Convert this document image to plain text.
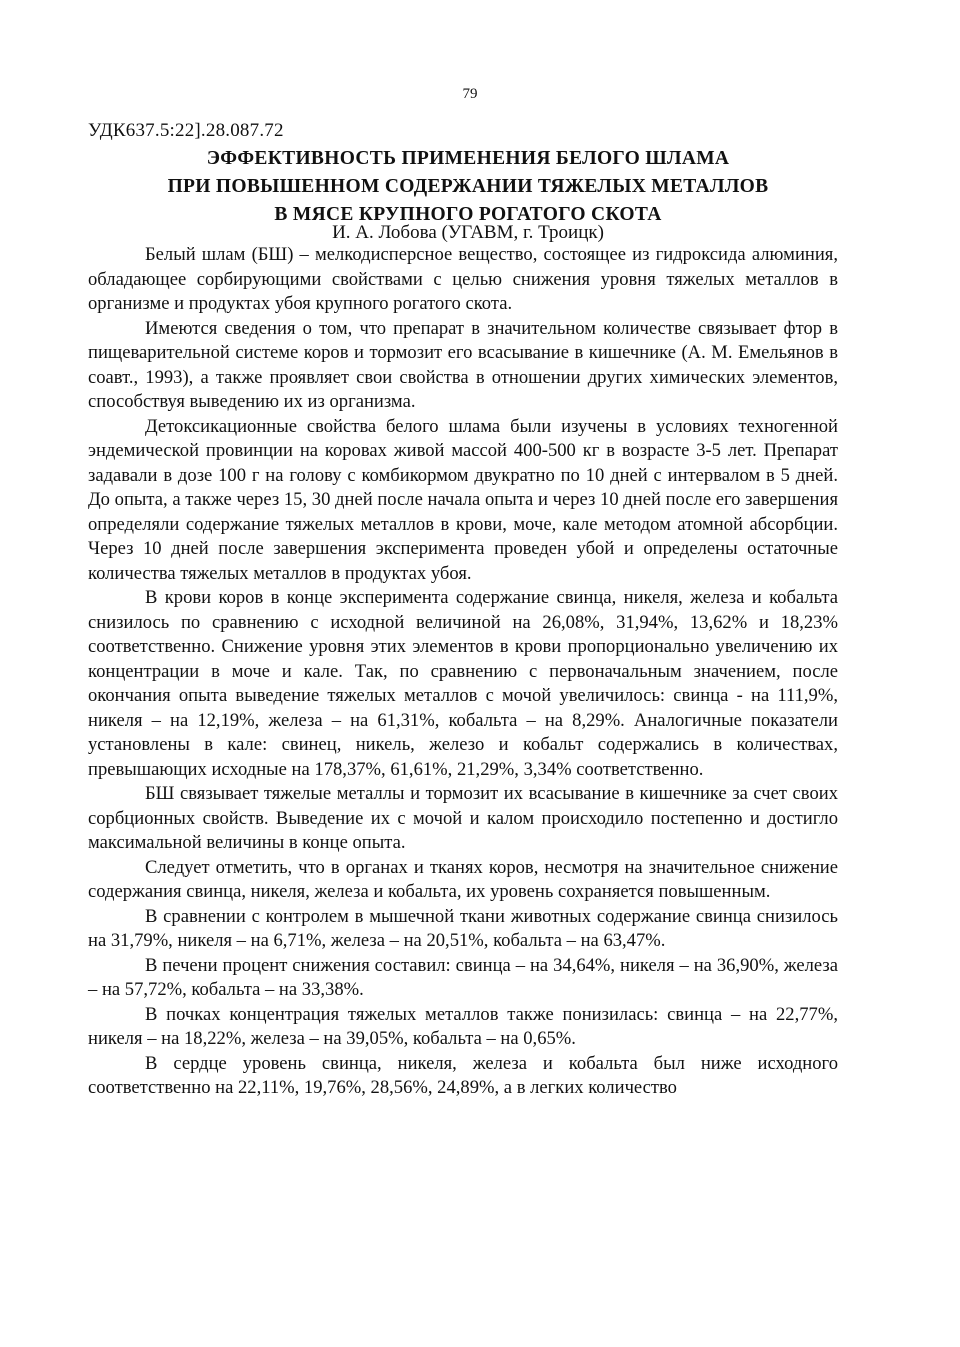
79
УДК637.5:22].28.087.72
ЭФФЕКТИВНОСТЬ ПРИМЕНЕНИЯ БЕЛОГО ШЛАМА
ПРИ ПОВЫШЕННОМ СОДЕРЖАНИИ ТЯЖЕЛЫХ МЕТАЛЛОВ
В МЯСЕ КРУПНОГО РОГАТОГО СКОТА
И. А. Лобова (УГАВМ, г. Троицк)

Белый шлам (БШ) – мелкодисперсное вещество, состоящее из гидроксида алюминия, обладающее сорбирующими свойствами с целью снижения уровня тяжелых металлов в организме и продуктах убоя крупного рогатого скота.

Имеются сведения о том, что препарат в значительном количестве связывает фтор в пищеварительной системе коров и тормозит его всасывание в кишечнике (А. М. Емельянов в соавт., 1993), а также проявляет свои свойства в отношении других химических элементов, способствуя выведению их из организма.

Детоксикационные свойства белого шлама были изучены в условиях техногенной эндемической провинции на коровах живой массой 400-500 кг в возрасте 3-5 лет. Препарат задавали в дозе 100 г на голову с комбикормом двукратно по 10 дней с интервалом в 5 дней. До опыта, а также через 15, 30 дней после начала опыта и через 10 дней после его завершения определяли содержание тяжелых металлов в крови, моче, кале методом атомной абсорбции. Через 10 дней после завершения эксперимента проведен убой и определены остаточные количества тяжелых металлов в продуктах убоя.

В крови коров в конце эксперимента содержание свинца, никеля, железа и кобальта снизилось по сравнению с исходной величиной на 26,08%, 31,94%, 13,62% и 18,23% соответственно. Снижение уровня этих элементов в крови пропорционально увеличению их концентрации в моче и кале. Так, по сравнению с первоначальным значением, после окончания опыта выведение тяжелых металлов с мочой увеличилось: свинца - на 111,9%, никеля – на 12,19%, железа – на 61,31%, кобальта – на 8,29%. Аналогичные показатели установлены в кале: свинец, никель, железо и кобальт содержались в количествах, превышающих исходные на 178,37%, 61,61%, 21,29%, 3,34% соответственно.

БШ связывает тяжелые металлы и тормозит их всасывание в кишечнике за счет своих сорбционных свойств. Выведение их с мочой и калом происходило постепенно и достигло максимальной величины в конце опыта.

Следует отметить, что в органах и тканях коров, несмотря на значительное снижение содержания свинца, никеля, железа и кобальта, их уровень сохраняется повышенным.

В сравнении с контролем в мышечной ткани животных содержание свинца снизилось на 31,79%, никеля – на 6,71%, железа – на 20,51%, кобальта – на 63,47%.

В печени процент снижения составил: свинца – на 34,64%, никеля – на 36,90%, железа – на 57,72%, кобальта – на 33,38%.

В почках концентрация тяжелых металлов также понизилась: свинца – на 22,77%, никеля – на 18,22%, железа – на 39,05%, кобальта – на 0,65%.

В сердце уровень свинца, никеля, железа и кобальта был ниже исходного соответственно на 22,11%, 19,76%, 28,56%, 24,89%, а в легких количество
